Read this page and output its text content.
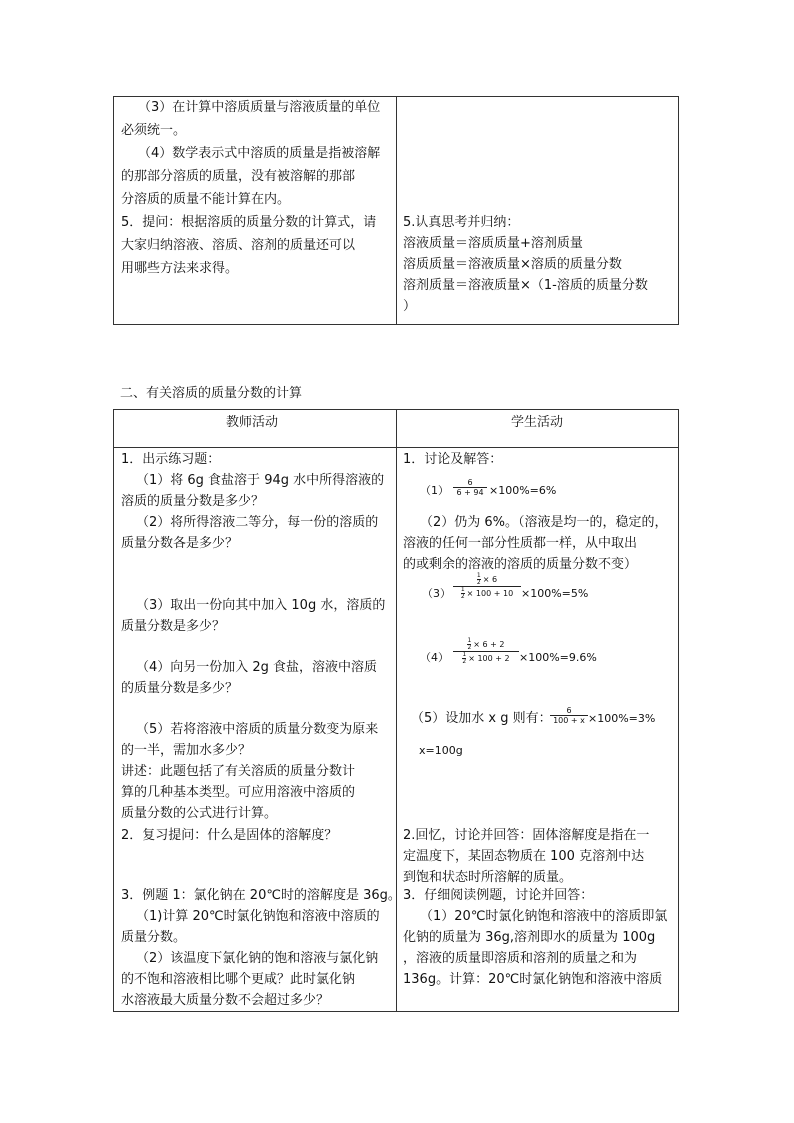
（3）在计算中溶质质量与溶液质量的单位
必须统一。
（4）数学表示式中溶质的质量是指被溶解
的那部分溶质的质量，没有被溶解的那部
分溶质的质量不能计算在内。
5．提问：根据溶质的质量分数的计算式，请
大家归纳溶液、溶质、溶剂的质量还可以
用哪些方法来求得。
5.认真思考并归纳：
溶液质量＝溶质质量+溶剂质量
溶质质量＝溶液质量×溶质的质量分数
溶剂质量＝溶液质量×（1-溶质的质量分数
）
二、有关溶质的质量分数的计算
教师活动	学生活动
1．出示练习题：
（1）将 6g 食盐溶于 94g 水中所得溶液的
溶质的质量分数是多少？
（2）将所得溶液二等分，每一份的溶质的
质量分数各是多少？
（3）取出一份向其中加入 10g 水，溶质的
质量分数是多少？
（4）向另一份加入 2g 食盐，溶液中溶质
的质量分数是多少？
（5）若将溶液中溶质的质量分数变为原来
的一半，需加水多少？
讲述：此题包括了有关溶质的质量分数计
算的几种基本类型。可应用溶液中溶质的
质量分数的公式进行计算。
2．复习提问：什么是固体的溶解度？
3．例题 1：氯化钠在 20℃时的溶解度是 36g。
（1)计算 20℃时氯化钠饱和溶液中溶质的
质量分数。
（2）该温度下氯化钠的饱和溶液与氯化钠
的不饱和溶液相比哪个更咸？此时氯化钠
水溶液最大质量分数不会超过多少？
1．讨论及解答：
（1）
6
6 + 94 ×100%=6%
（2）仍为 6%。（溶液是均一的，稳定的，
溶液的任何一部分性质都一样，从中取出
的或剩余的溶液的溶质的质量分数不变）
（3）
$\frac{1}{2} \times 6$
$\frac{1}{2} \times 100 + 10 \times 100\%=5\%$
（4）
$\frac{1}{2} \times 6 + 2$
$\frac{1}{2} \times 100 + 2 \times 100\%=9.6\%$
（5）设加水 x g 则有：
6
100 + x ×100%=3%
x=100g
2.回忆，讨论并回答：固体溶解度是指在一
定温度下，某固态物质在 100 克溶剂中达
到饱和状态时所溶解的质量。
3．仔细阅读例题，讨论并回答：
（1）20℃时氯化钠饱和溶液中的溶质即氯
化钠的质量为 36g,溶剂即水的质量为 100g
，溶液的质量即溶质和溶剂的质量之和为
136g。计算：20℃时氯化钠饱和溶液中溶质
